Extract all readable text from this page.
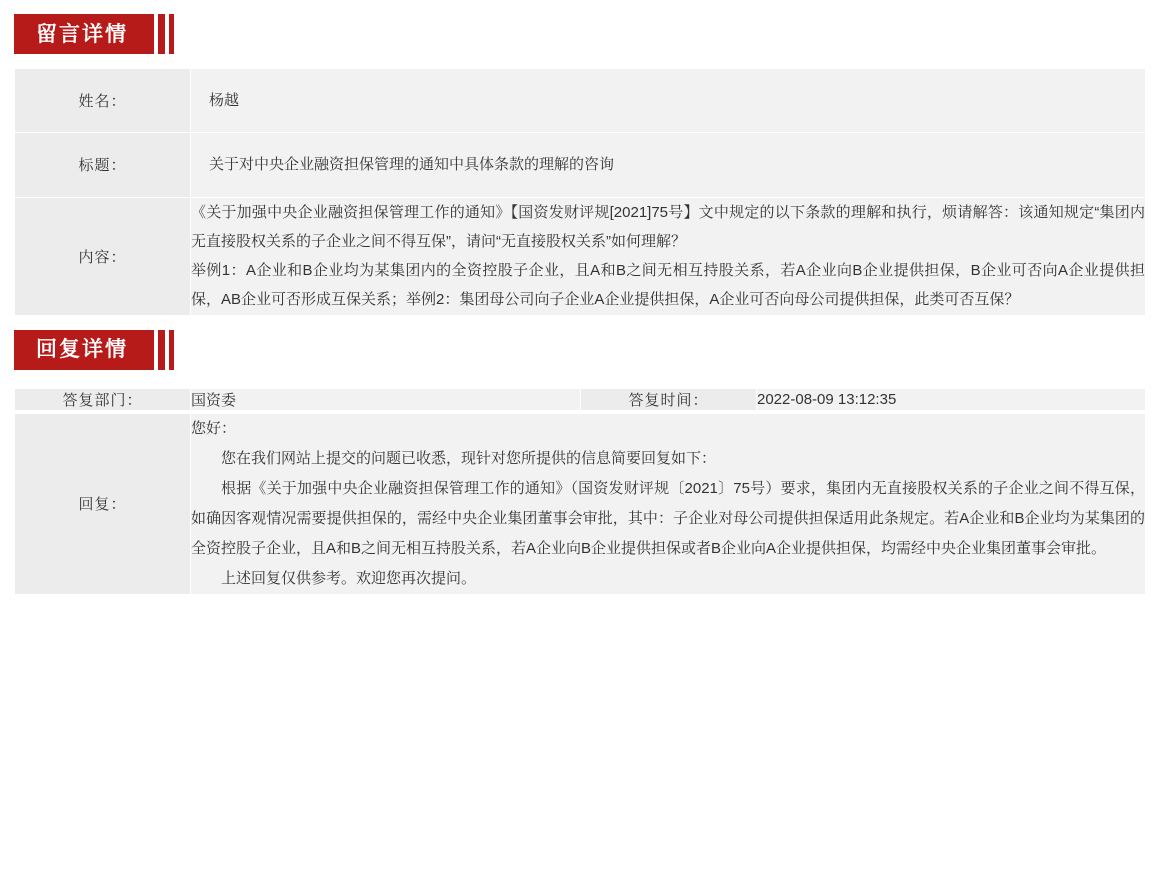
留言详情
姓名：	杨越
标题：	关于对中央企业融资担保管理的通知中具体条款的理解的咨询
内容：	《关于加强中央企业融资担保管理工作的通知》【国资发财评规[2021]75号】文中规定的以下条款的理解和执行，烦请解答：该通知规定“集团内无直接股权关系的子企业之间不得互保”，请问“无直接股权关系”如何理解？

举例1：A企业和B企业均为某集团内的全资控股子企业，且A和B之间无相互持股关系，若A企业向B企业提供担保，B企业可否向A企业提供担保，AB企业可否形成互保关系；举例2：集团母公司向子企业A企业提供担保，A企业可否向母公司提供担保，此类可否互保？

回复详情
答复部门：	国资委	答复时间：	2022-08-09 13:12:35
回复：	

您好：

您在我们网站上提交的问题已收悉，现针对您所提供的信息简要回复如下：

根据《关于加强中央企业融资担保管理工作的通知》（国资发财评规〔2021〕75号）要求，集团内无直接股权关系的子企业之间不得互保，如确因客观情况需要提供担保的，需经中央企业集团董事会审批，其中：子企业对母公司提供担保适用此条规定。若A企业和B企业均为某集团的全资控股子企业，且A和B之间无相互持股关系，若A企业向B企业提供担保或者B企业向A企业提供担保，均需经中央企业集团董事会审批。

上述回复仅供参考。欢迎您再次提问。
